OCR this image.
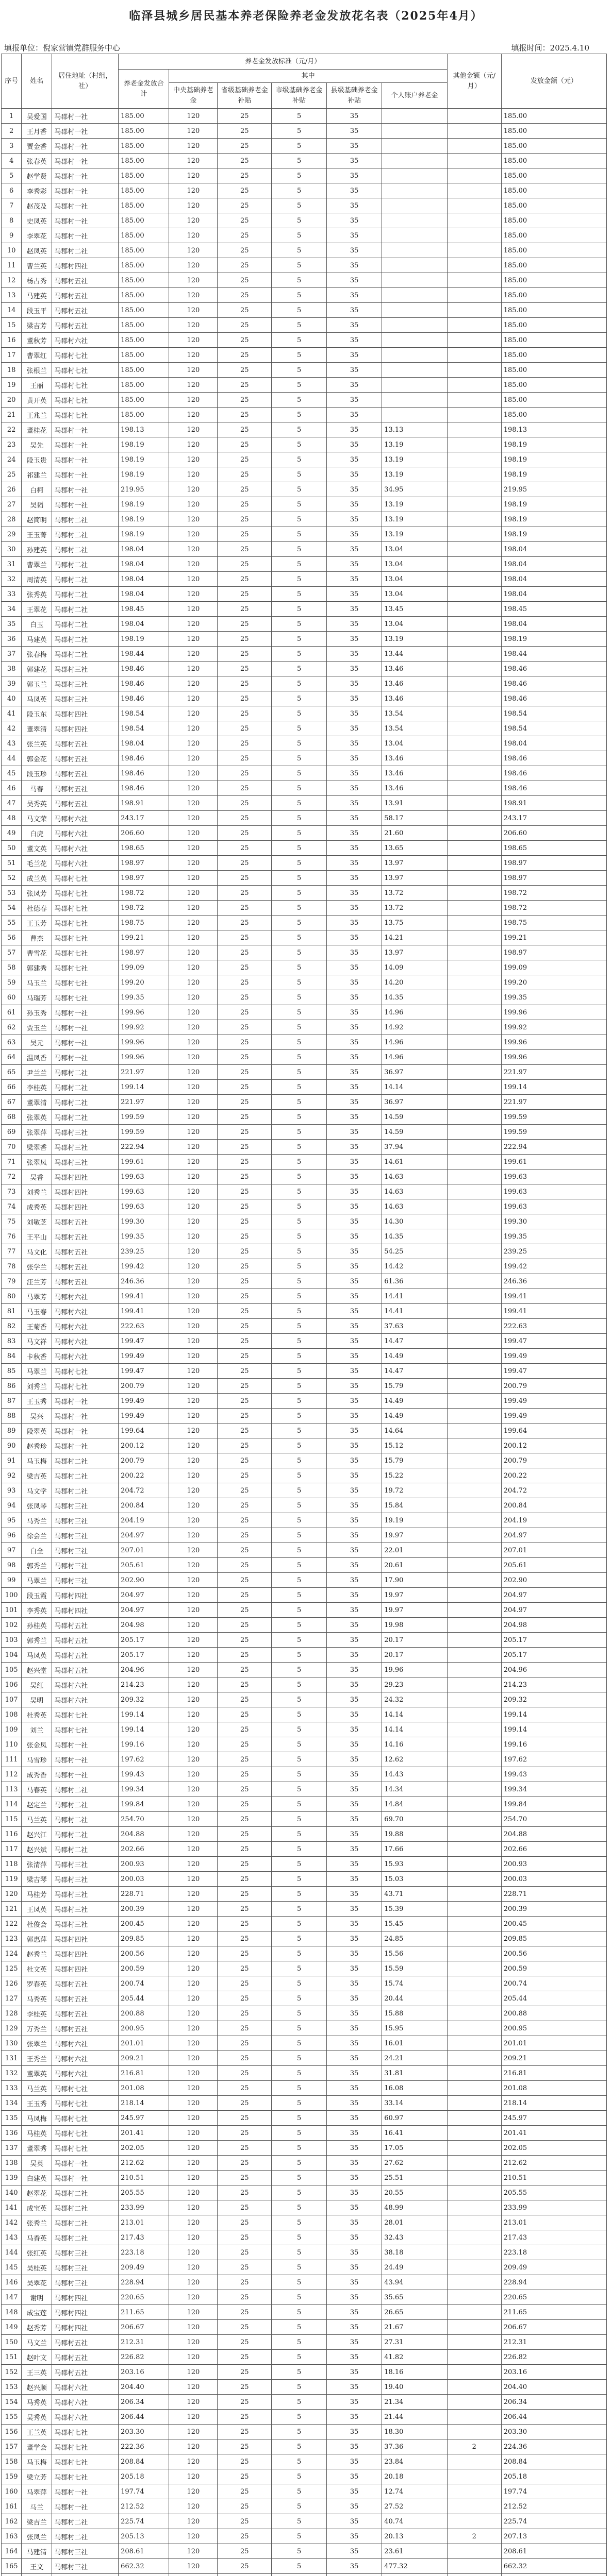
临泽县城乡居民基本养老保险养老金发放花名表（2025年4月）
填报单位：倪家营镇党群服务中心	填报时间：2025.4.10
序号	姓名	居住地址（村组，社）	养老金发放标准（元/月）						其他金额（元/月）	发放金额（元）
			养老金发放合计	其中						
				中央基础养老金	省级基础养老金补贴	市级基础养老金补贴	县级基础养老金补贴	个人账户养老金		
1	吴爱国	马郡村一社	185.00	120	25	5	35			185.00
2	王月香	马郡村一社	185.00	120	25	5	35			185.00
3	贾金香	马郡村一社	185.00	120	25	5	35			185.00
4	张春英	马郡村一社	185.00	120	25	5	35			185.00
5	赵学贤	马郡村一社	185.00	120	25	5	35			185.00
6	李秀彩	马郡村一社	185.00	120	25	5	35			185.00
7	赵茂及	马郡村一社	185.00	120	25	5	35			185.00
8	史凤英	马郡村一社	185.00	120	25	5	35			185.00
9	李翠花	马郡村一社	185.00	120	25	5	35			185.00
10	赵凤英	马郡村二社	185.00	120	25	5	35			185.00
11	曹兰英	马郡村四社	185.00	120	25	5	35			185.00
12	杨占秀	马郡村五社	185.00	120	25	5	35			185.00
13	马建英	马郡村五社	185.00	120	25	5	35			185.00
14	段玉平	马郡村五社	185.00	120	25	5	35			185.00
15	梁吉芳	马郡村五社	185.00	120	25	5	35			185.00
16	董秋芳	马郡村六社	185.00	120	25	5	35			185.00
17	曹翠红	马郡村七社	185.00	120	25	5	35			185.00
18	张根兰	马郡村七社	185.00	120	25	5	35			185.00
19	王丽	马郡村七社	185.00	120	25	5	35			185.00
20	黄开英	马郡村七社	185.00	120	25	5	35			185.00
21	王兆兰	马郡村七社	185.00	120	25	5	35			185.00
22	董桂花	马郡村一社	198.13	120	25	5	35	13.13		198.13
23	吴先	马郡村一社	198.19	120	25	5	35	13.19		198.19
24	段玉贵	马郡村一社	198.19	120	25	5	35	13.19		198.19
25	祁建兰	马郡村一社	198.19	120	25	5	35	13.19		198.19
26	白柯	马郡村一社	219.95	120	25	5	35	34.95		219.95
27	吴韬	马郡村一社	198.19	120	25	5	35	13.19		198.19
28	赵简明	马郡村二社	198.19	120	25	5	35	13.19		198.19
29	王玉菁	马郡村二社	198.19	120	25	5	35	13.19		198.19
30	孙建英	马郡村二社	198.04	120	25	5	35	13.04		198.04
31	曹翠兰	马郡村二社	198.04	120	25	5	35	13.04		198.04
32	周清英	马郡村二社	198.04	120	25	5	35	13.04		198.04
33	张秀英	马郡村二社	198.04	120	25	5	35	13.04		198.04
34	王翠花	马郡村二社	198.45	120	25	5	35	13.45		198.45
35	白玉	马郡村二社	198.04	120	25	5	35	13.04		198.04
36	马建英	马郡村二社	198.19	120	25	5	35	13.19		198.19
37	张春梅	马郡村二社	198.44	120	25	5	35	13.44		198.44
38	郭建花	马郡村三社	198.46	120	25	5	35	13.46		198.46
39	郭玉兰	马郡村三社	198.46	120	25	5	35	13.46		198.46
40	马凤英	马郡村三社	198.46	120	25	5	35	13.46		198.46
41	段玉东	马郡村四社	198.54	120	25	5	35	13.54		198.54
42	董翠清	马郡村四社	198.54	120	25	5	35	13.54		198.54
43	张兰英	马郡村五社	198.04	120	25	5	35	13.04		198.04
44	郭金花	马郡村五社	198.46	120	25	5	35	13.46		198.46
45	段玉珍	马郡村五社	198.46	120	25	5	35	13.46		198.46
46	马春	马郡村五社	198.46	120	25	5	35	13.46		198.46
47	吴秀英	马郡村五社	198.91	120	25	5	35	13.91		198.91
48	马文荣	马郡村六社	243.17	120	25	5	35	58.17		243.17
49	白虎	马郡村六社	206.60	120	25	5	35	21.60		206.60
50	董文英	马郡村六社	198.65	120	25	5	35	13.65		198.65
51	毛兰花	马郡村六社	198.97	120	25	5	35	13.97		198.97
52	成兰英	马郡村七社	198.97	120	25	5	35	13.97		198.97
53	张凤芳	马郡村七社	198.72	120	25	5	35	13.72		198.72
54	杜德春	马郡村七社	198.72	120	25	5	35	13.72		198.72
55	王玉芳	马郡村七社	198.75	120	25	5	35	13.75		198.75
56	曹杰	马郡村七社	199.21	120	25	5	35	14.21		199.21
57	曹雪花	马郡村七社	198.97	120	25	5	35	13.97		198.97
58	郭建秀	马郡村七社	199.09	120	25	5	35	14.09		199.09
59	马玉兰	马郡村七社	199.20	120	25	5	35	14.20		199.20
60	马瑞芳	马郡村七社	199.35	120	25	5	35	14.35		199.35
61	孙玉秀	马郡村一社	199.96	120	25	5	35	14.96		199.96
62	贾玉兰	马郡村一社	199.92	120	25	5	35	14.92		199.92
63	吴元	马郡村一社	199.96	120	25	5	35	14.96		199.96
64	温凤香	马郡村一社	199.96	120	25	5	35	14.96		199.96
65	尹兰兰	马郡村二社	221.97	120	25	5	35	36.97		221.97
66	李桂英	马郡村二社	199.14	120	25	5	35	14.14		199.14
67	董翠清	马郡村二社	221.97	120	25	5	35	36.97		221.97
68	张翠英	马郡村二社	199.59	120	25	5	35	14.59		199.59
69	张翠萍	马郡村三社	199.59	120	25	5	35	14.59		199.59
70	梁翠香	马郡村三社	222.94	120	25	5	35	37.94		222.94
71	张翠凤	马郡村三社	199.61	120	25	5	35	14.61		199.61
72	吴香	马郡村四社	199.63	120	25	5	35	14.63		199.63
73	刘秀兰	马郡村四社	199.63	120	25	5	35	14.63		199.63
74	成秀英	马郡村四社	199.63	120	25	5	35	14.63		199.63
75	刘敏芝	马郡村五社	199.30	120	25	5	35	14.30		199.30
76	王平山	马郡村五社	199.35	120	25	5	35	14.35		199.35
77	马文化	马郡村五社	239.25	120	25	5	35	54.25		239.25
78	张学兰	马郡村五社	199.42	120	25	5	35	14.42		199.42
79	汪兰芳	马郡村五社	246.36	120	25	5	35	61.36		246.36
80	马翠芳	马郡村六社	199.41	120	25	5	35	14.41		199.41
81	马玉春	马郡村六社	199.41	120	25	5	35	14.41		199.41
82	王菊香	马郡村六社	222.63	120	25	5	35	37.63		222.63
83	马文祥	马郡村六社	199.47	120	25	5	35	14.47		199.47
84	卡秋香	马郡村六社	199.49	120	25	5	35	14.49		199.49
85	马翠兰	马郡村七社	199.47	120	25	5	35	14.47		199.47
86	刘秀兰	马郡村七社	200.79	120	25	5	35	15.79		200.79
87	王玉秀	马郡村一社	199.49	120	25	5	35	14.49		199.49
88	吴兴	马郡村一社	199.49	120	25	5	35	14.49		199.49
89	段翠英	马郡村一社	199.64	120	25	5	35	14.64		199.64
90	赵秀珍	马郡村一社	200.12	120	25	5	35	15.12		200.12
91	马玉梅	马郡村二社	200.79	120	25	5	35	15.79		200.79
92	梁吉英	马郡村二社	200.22	120	25	5	35	15.22		200.22
93	马文学	马郡村二社	204.72	120	25	5	35	19.72		204.72
94	张凤琴	马郡村三社	200.84	120	25	5	35	15.84		200.84
95	马秀兰	马郡村三社	204.19	120	25	5	35	19.19		204.19
96	徐会兰	马郡村三社	204.97	120	25	5	35	19.97		204.97
97	白全	马郡村三社	207.01	120	25	5	35	22.01		207.01
98	郭秀兰	马郡村三社	205.61	120	25	5	35	20.61		205.61
99	马翠兰	马郡村三社	202.90	120	25	5	35	17.90		202.90
100	段玉霞	马郡村四社	204.97	120	25	5	35	19.97		204.97
101	李秀英	马郡村四社	204.97	120	25	5	35	19.97		204.97
102	孙桂英	马郡村五社	204.98	120	25	5	35	19.98		204.98
103	郭秀兰	马郡村五社	205.17	120	25	5	35	20.17		205.17
104	马凤英	马郡村五社	205.17	120	25	5	35	20.17		205.17
105	赵兴堂	马郡村五社	204.96	120	25	5	35	19.96		204.96
106	吴红	马郡村六社	214.23	120	25	5	35	29.23		214.23
107	吴明	马郡村六社	209.32	120	25	5	35	24.32		209.32
108	杜秀英	马郡村七社	199.14	120	25	5	35	14.14		199.14
109	刘兰	马郡村七社	199.14	120	25	5	35	14.14		199.14
110	张金凤	马郡村一社	199.16	120	25	5	35	14.16		199.16
111	马雪珍	马郡村一社	197.62	120	25	5	35	12.62		197.62
112	成秀香	马郡村一社	199.43	120	25	5	35	14.43		199.43
113	马春英	马郡村二社	199.34	120	25	5	35	14.34		199.34
114	赵定兰	马郡村二社	199.84	120	25	5	35	14.84		199.84
115	马兰英	马郡村二社	254.70	120	25	5	35	69.70		254.70
116	赵兴江	马郡村二社	204.88	120	25	5	35	19.88		204.88
117	赵兴斌	马郡村二社	202.66	120	25	5	35	17.66		202.66
118	张清萍	马郡村三社	200.93	120	25	5	35	15.93		200.93
119	梁吉琴	马郡村三社	200.03	120	25	5	35	15.03		200.03
120	马桂芳	马郡村三社	228.71	120	25	5	35	43.71		228.71
121	王凤英	马郡村三社	200.39	120	25	5	35	15.39		200.39
122	杜俊会	马郡村三社	200.45	120	25	5	35	15.45		200.45
123	郭惠萍	马郡村四社	209.85	120	25	5	35	24.85		209.85
124	赵秀兰	马郡村四社	200.56	120	25	5	35	15.56		200.56
125	杜文英	马郡村四社	200.59	120	25	5	35	15.59		200.59
126	罗春英	马郡村五社	200.74	120	25	5	35	15.74		200.74
127	马秀英	马郡村五社	205.44	120	25	5	35	20.44		205.44
128	李桂英	马郡村五社	200.88	120	25	5	35	15.88		200.88
129	万秀兰	马郡村五社	200.95	120	25	5	35	15.95		200.95
130	张翠兰	马郡村六社	201.01	120	25	5	35	16.01		201.01
131	王秀兰	马郡村六社	209.21	120	25	5	35	24.21		209.21
132	董翠英	马郡村六社	216.81	120	25	5	35	31.81		216.81
133	马兰英	马郡村七社	201.08	120	25	5	35	16.08		201.08
134	王玉秀	马郡村七社	218.14	120	25	5	35	33.14		218.14
135	马凤梅	马郡村七社	245.97	120	25	5	35	60.97		245.97
136	马桂英	马郡村七社	201.41	120	25	5	35	16.41		201.41
137	董翠秀	马郡村七社	202.05	120	25	5	35	17.05		202.05
138	吴英	马郡村一社	212.62	120	25	5	35	27.62		212.62
139	白建英	马郡村一社	210.51	120	25	5	35	25.51		210.51
140	赵翠花	马郡村二社	205.55	120	25	5	35	20.55		205.55
141	成宝英	马郡村二社	233.99	120	25	5	35	48.99		233.99
142	张秀兰	马郡村二社	213.01	120	25	5	35	28.01		213.01
143	马香英	马郡村二社	217.43	120	25	5	35	32.43		217.43
144	张红英	马郡村三社	223.18	120	25	5	35	38.18		223.18
145	吴桂英	马郡村三社	209.49	120	25	5	35	24.49		209.49
146	吴翠花	马郡村三社	228.94	120	25	5	35	43.94		228.94
147	谢明	马郡村四社	220.65	120	25	5	35	35.65		220.65
148	成宝莲	马郡村四社	211.65	120	25	5	35	26.65		211.65
149	赵秀芳	马郡村四社	206.67	120	25	5	35	21.67		206.67
150	马文兰	马郡村五社	212.31	120	25	5	35	27.31		212.31
151	赵叶文	马郡村五社	226.82	120	25	5	35	41.82		226.82
152	王三英	马郡村五社	203.16	120	25	5	35	18.16		203.16
153	赵兴顺	马郡村六社	204.40	120	25	5	35	19.40		204.40
154	马秀英	马郡村六社	206.34	120	25	5	35	21.34		206.34
155	吴秀英	马郡村六社	206.44	120	25	5	35	21.44		206.44
156	王兰英	马郡村七社	203.30	120	25	5	35	18.30		203.30
157	董学会	马郡村七社	222.36	120	25	5	35	37.36	2	224.36
158	马玉梅	马郡村七社	208.84	120	25	5	35	23.84		208.84
159	梁立芳	马郡村七社	205.18	120	25	5	35	20.18		205.18
160	马翠萍	马郡村一社	197.74	120	25	5	35	12.74		197.74
161	马兰	马郡村一社	212.52	120	25	5	35	27.52		212.52
162	梁吉兰	马郡村二社	225.74	120	25	5	35	40.74		225.74
163	张凤兰	马郡村二社	205.13	120	25	5	35	20.13	2	207.13
164	马建清	马郡村三社	208.61	120	25	5	35	23.61		208.61
165	王文	马郡村三社	662.32	120	25	5	35	477.32		662.32
